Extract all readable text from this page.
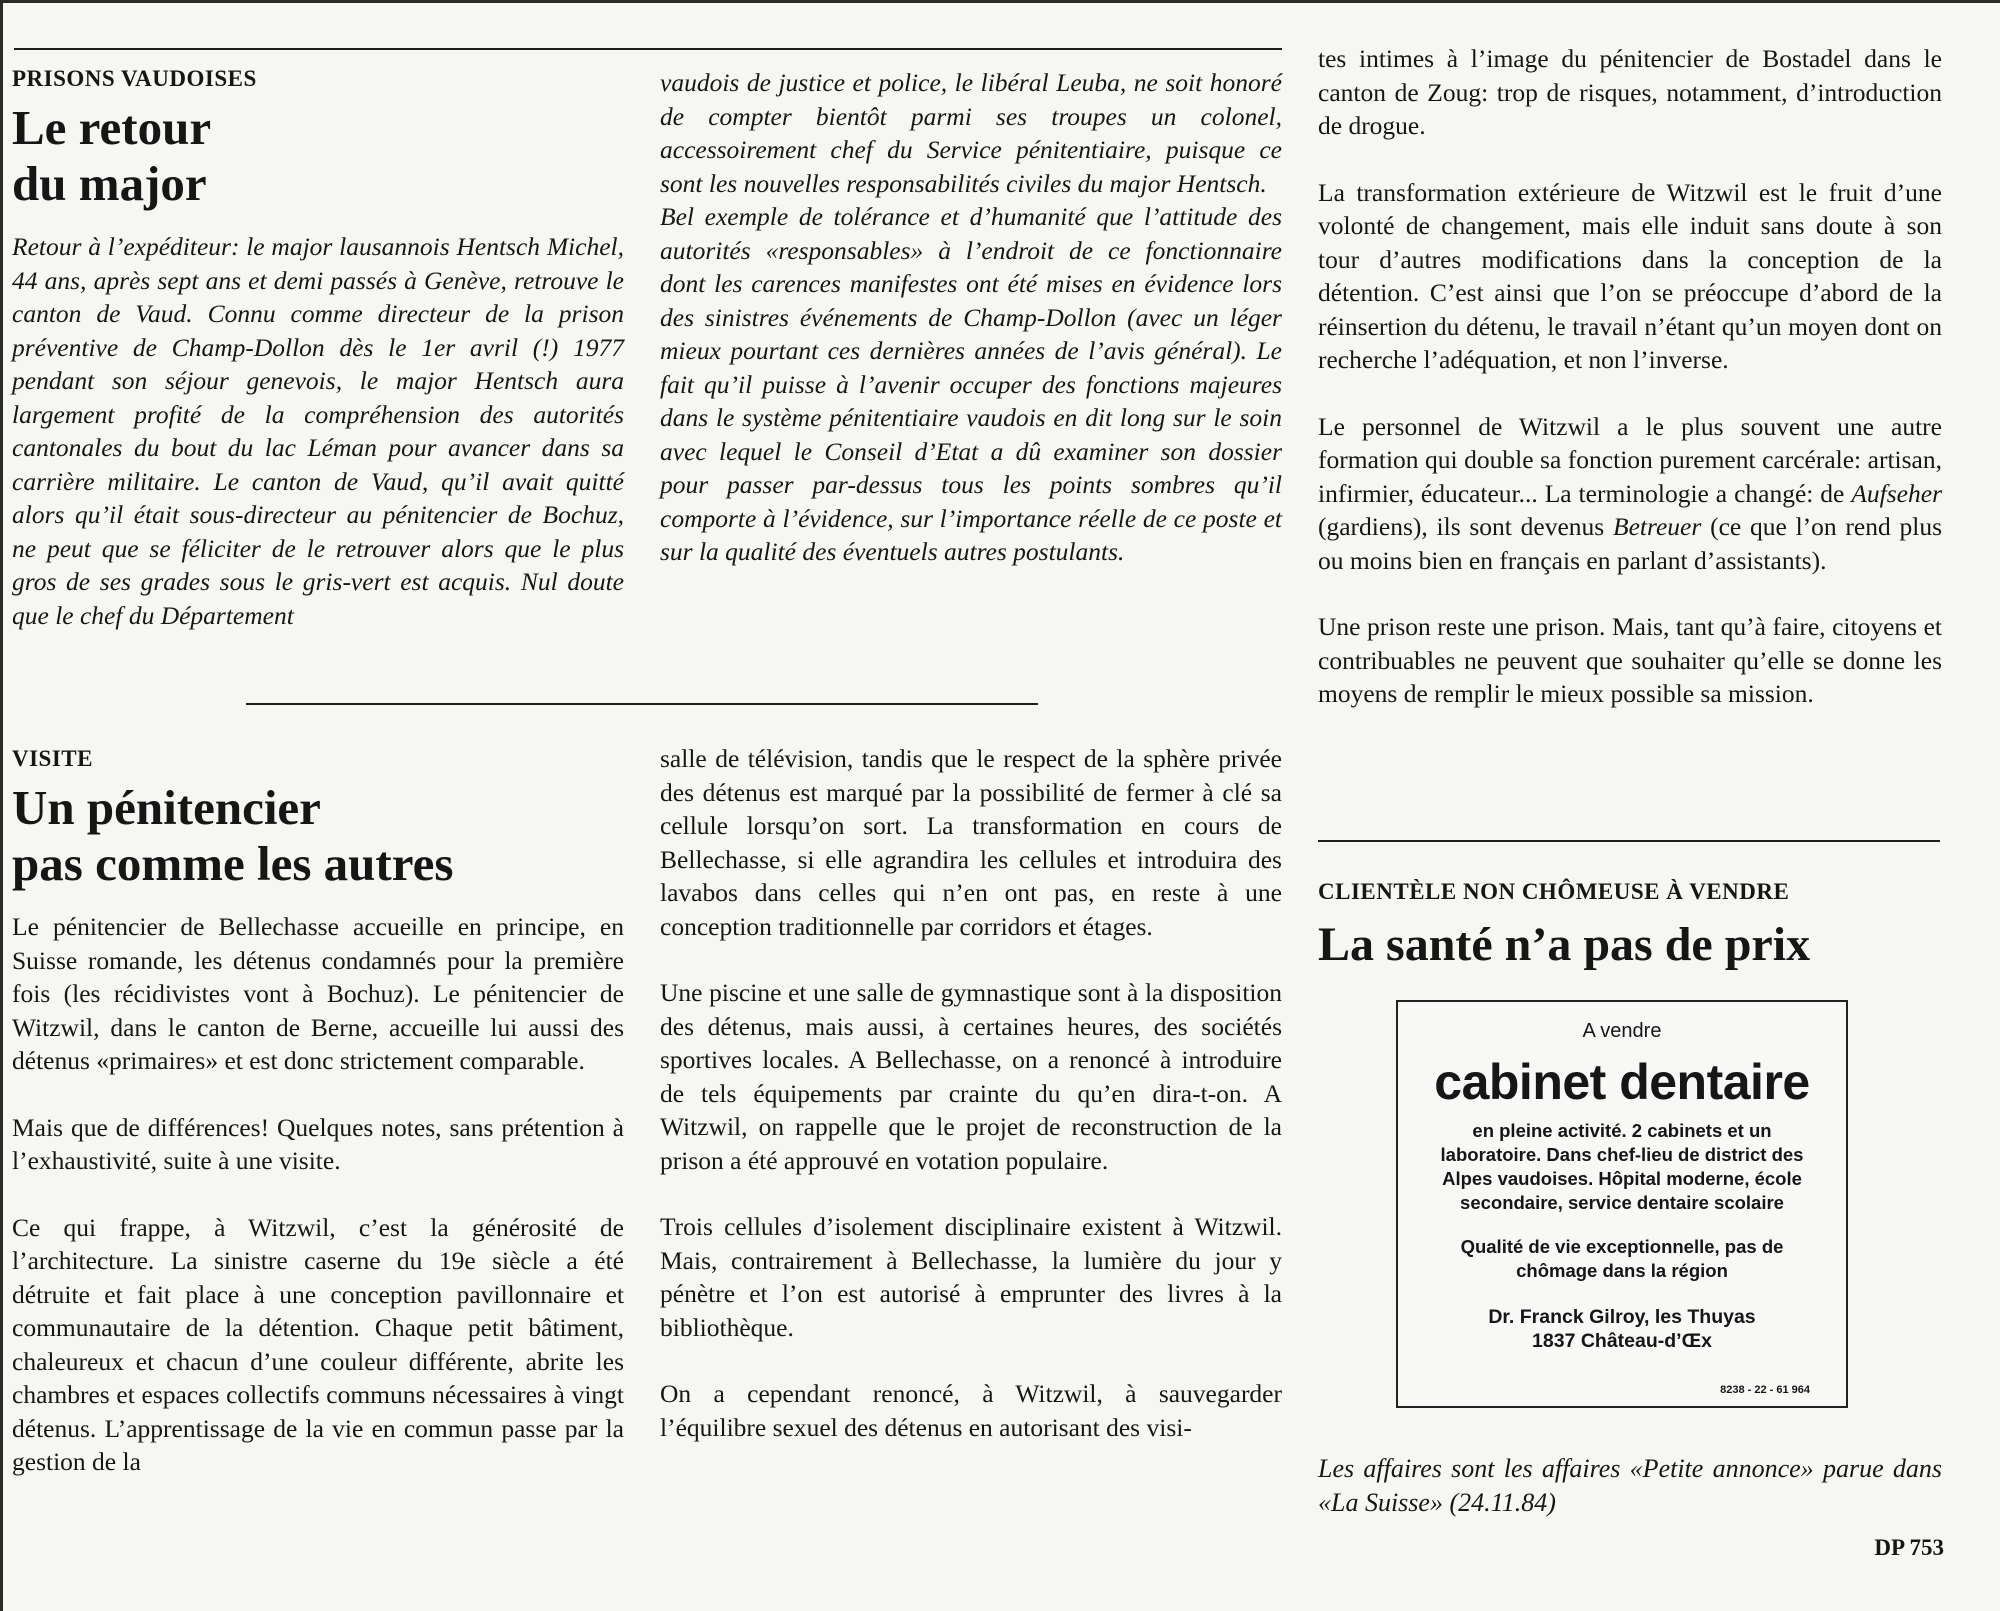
PRISONS VAUDOISES
Le retour
du major
Retour à l’expéditeur: le major lausannois Hentsch Michel, 44 ans, après sept ans et demi passés à Genève, retrouve le canton de Vaud. Connu comme directeur de la prison préventive de Champ-Dollon dès le 1er avril (!) 1977 pendant son séjour genevois, le major Hentsch aura largement profité de la compréhension des autorités cantonales du bout du lac Léman pour avancer dans sa carrière militaire. Le canton de Vaud, qu’il avait quitté alors qu’il était sous-directeur au pénitencier de Bochuz, ne peut que se féliciter de le retrouver alors que le plus gros de ses grades sous le gris-vert est acquis. Nul doute que le chef du Département

vaudois de justice et police, le libéral Leuba, ne soit honoré de compter bientôt parmi ses troupes un colonel, accessoirement chef du Service pénitentiaire, puisque ce sont les nouvelles responsabilités civiles du major Hentsch.

Bel exemple de tolérance et d’humanité que l’attitude des autorités «responsables» à l’endroit de ce fonctionnaire dont les carences manifestes ont été mises en évidence lors des sinistres événements de Champ-Dollon (avec un léger mieux pourtant ces dernières années de l’avis général). Le fait qu’il puisse à l’avenir occuper des fonctions majeures dans le système pénitentiaire vaudois en dit long sur le soin avec lequel le Conseil d’Etat a dû examiner son dossier pour passer par-dessus tous les points sombres qu’il comporte à l’évidence, sur l’importance réelle de ce poste et sur la qualité des éventuels autres postulants.

VISITE
Un pénitencier
pas comme les autres

Le pénitencier de Bellechasse accueille en principe, en Suisse romande, les détenus condamnés pour la première fois (les récidivistes vont à Bochuz). Le pénitencier de Witzwil, dans le canton de Berne, accueille lui aussi des détenus «primaires» et est donc strictement comparable.

Mais que de différences! Quelques notes, sans prétention à l’exhaustivité, suite à une visite.

Ce qui frappe, à Witzwil, c’est la générosité de l’architecture. La sinistre caserne du 19e siècle a été détruite et fait place à une conception pavillonnaire et communautaire de la détention. Chaque petit bâtiment, chaleureux et chacun d’une couleur différente, abrite les chambres et espaces collectifs communs nécessaires à vingt détenus. L’apprentissage de la vie en commun passe par la gestion de la

salle de télévision, tandis que le respect de la sphère privée des détenus est marqué par la possibilité de fermer à clé sa cellule lorsqu’on sort. La transformation en cours de Bellechasse, si elle agrandira les cellules et introduira des lavabos dans celles qui n’en ont pas, en reste à une conception traditionnelle par corridors et étages.

Une piscine et une salle de gymnastique sont à la disposition des détenus, mais aussi, à certaines heures, des sociétés sportives locales. A Bellechasse, on a renoncé à introduire de tels équipements par crainte du qu’en dira-t-on. A Witzwil, on rappelle que le projet de reconstruction de la prison a été approuvé en votation populaire.

Trois cellules d’isolement disciplinaire existent à Witzwil. Mais, contrairement à Bellechasse, la lumière du jour y pénètre et l’on est autorisé à emprunter des livres à la bibliothèque.

On a cependant renoncé, à Witzwil, à sauvegarder l’équilibre sexuel des détenus en autorisant des visi-

tes intimes à l’image du pénitencier de Bostadel dans le canton de Zoug: trop de risques, notamment, d’introduction de drogue.

La transformation extérieure de Witzwil est le fruit d’une volonté de changement, mais elle induit sans doute à son tour d’autres modifications dans la conception de la détention. C’est ainsi que l’on se préoccupe d’abord de la réinsertion du détenu, le travail n’étant qu’un moyen dont on recherche l’adéquation, et non l’inverse.

Le personnel de Witzwil a le plus souvent une autre formation qui double sa fonction purement carcérale: artisan, infirmier, éducateur... La terminologie a changé: de Aufseher (gardiens), ils sont devenus Betreuer (ce que l’on rend plus ou moins bien en français en parlant d’assistants).

Une prison reste une prison. Mais, tant qu’à faire, citoyens et contribuables ne peuvent que souhaiter qu’elle se donne les moyens de remplir le mieux possible sa mission.

CLIENTÈLE NON CHÔMEUSE À VENDRE
La santé n’a pas de prix
A vendre
cabinet dentaire
en pleine activité. 2 cabinets et un laboratoire. Dans chef-lieu de district des Alpes vaudoises. Hôpital moderne, école secondaire, service dentaire scolaire
Qualité de vie exceptionnelle, pas de chômage dans la région
Dr. Franck Gilroy, les Thuyas
1837 Château-d’Œx
8238 - 22 - 61 964
Les affaires sont les affaires «Petite annonce» parue dans «La Suisse» (24.11.84)
DP 753
